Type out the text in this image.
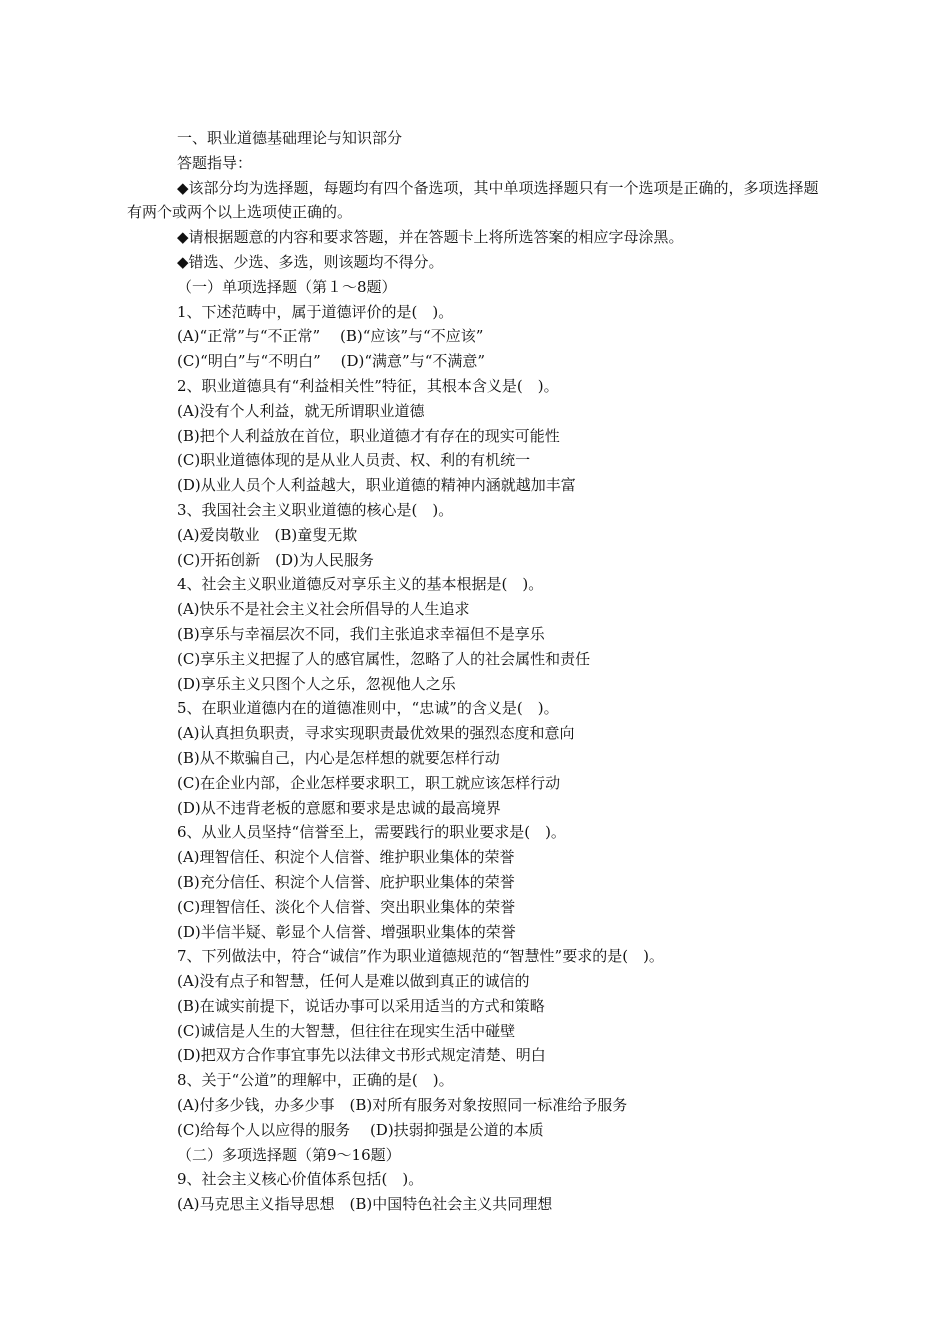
一、职业道德基础理论与知识部分
答题指导：
◆该部分均为选择题，每题均有四个备选项，其中单项选择题只有一个选项是正确的，多项选择题有两个或两个以上选项使正确的。
◆请根据题意的内容和要求答题，并在答题卡上将所选答案的相应字母涂黑。
◆错选、少选、多选，则该题均不得分。
（一）单项选择题（第１～8题）
1、下述范畴中，属于道德评价的是(　)。
(A)“正常”与“不正常”　 (B)“应该”与“不应该”
(C)“明白”与“不明白”　 (D)“满意”与“不满意”
2、职业道德具有“利益相关性”特征，其根本含义是(　)。
(A)没有个人利益，就无所谓职业道德
(B)把个人利益放在首位，职业道德才有存在的现实可能性
(C)职业道德体现的是从业人员责、权、利的有机统一
(D)从业人员个人利益越大，职业道德的精神内涵就越加丰富
3、我国社会主义职业道德的核心是(　)。
(A)爱岗敬业　(B)童叟无欺
(C)开拓创新　(D)为人民服务
4、社会主义职业道德反对享乐主义的基本根据是(　)。
(A)快乐不是社会主义社会所倡导的人生追求
(B)享乐与幸福层次不同，我们主张追求幸福但不是享乐
(C)享乐主义把握了人的感官属性，忽略了人的社会属性和责任
(D)享乐主义只图个人之乐，忽视他人之乐
5、在职业道德内在的道德准则中，“忠诚”的含义是(　)。
(A)认真担负职责，寻求实现职责最优效果的强烈态度和意向
(B)从不欺骗自己，内心是怎样想的就要怎样行动
(C)在企业内部，企业怎样要求职工，职工就应该怎样行动
(D)从不违背老板的意愿和要求是忠诚的最高境界
6、从业人员坚持“信誉至上，需要践行的职业要求是(　)。
(A)理智信任、积淀个人信誉、维护职业集体的荣誉
(B)充分信任、积淀个人信誉、庇护职业集体的荣誉
(C)理智信任、淡化个人信誉、突出职业集体的荣誉
(D)半信半疑、彰显个人信誉、增强职业集体的荣誉
7、下列做法中，符合“诚信”作为职业道德规范的“智慧性”要求的是(　)。
(A)没有点子和智慧，任何人是难以做到真正的诚信的
(B)在诚实前提下，说话办事可以采用适当的方式和策略
(C)诚信是人生的大智慧，但往往在现实生活中碰壁
(D)把双方合作事宜事先以法律文书形式规定清楚、明白
8、关于“公道”的理解中，正确的是(　)。
(A)付多少钱，办多少事　(B)对所有服务对象按照同一标准给予服务
(C)给每个人以应得的服务　 (D)扶弱抑强是公道的本质
（二）多项选择题（第9～16题）
9、社会主义核心价值体系包括(　)。
(A)马克思主义指导思想　(B)中国特色社会主义共同理想
